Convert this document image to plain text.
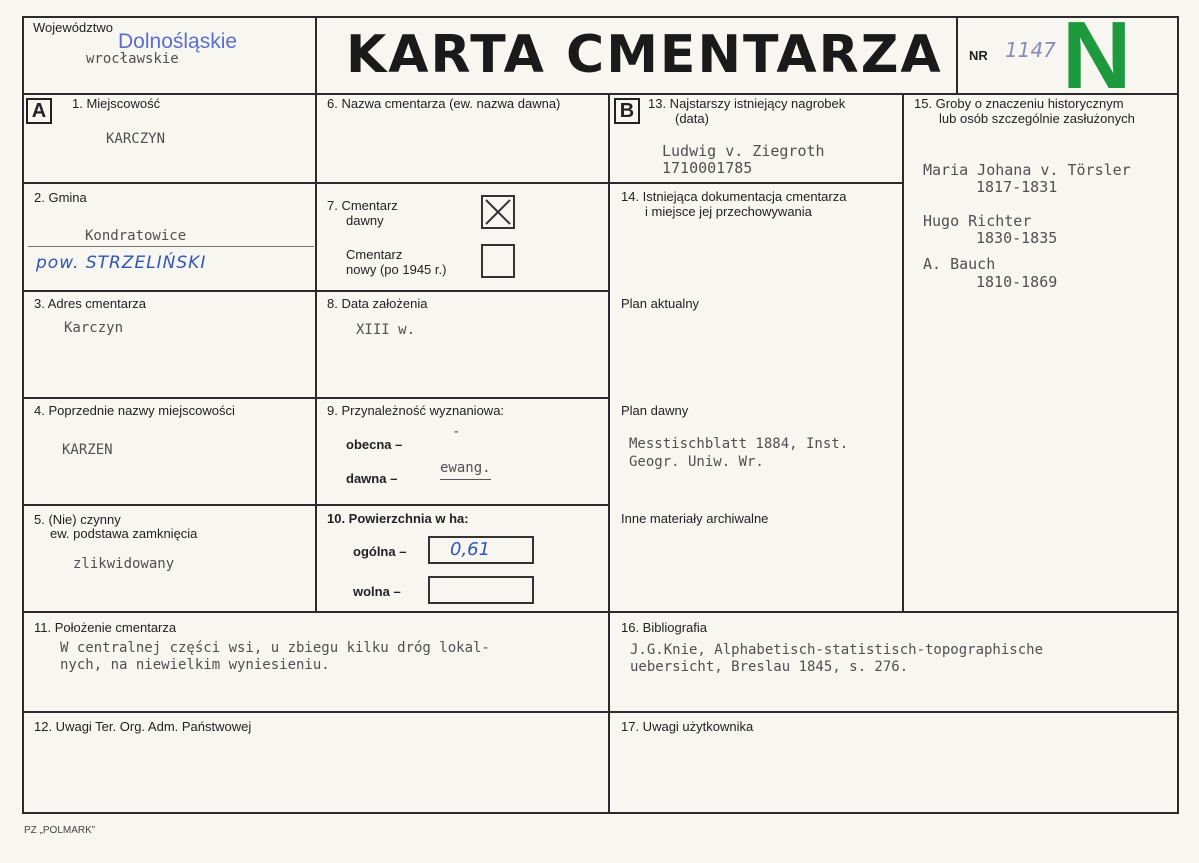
Województwo
Dolnośląskie
wrocławskie	KARTA CMENTARZA NR 1147 N
A	1. Miejscowość
KARCZYN
2. Gmina
Kondratowice
pow. STRZELIŃSKI
3. Adres cmentarza
Karczyn
4. Poprzednie nazwy miejscowości
KARZEN
5. (Nie) czynny
ew. podstawa zamknięcia
zlikwidowany
6. Nazwa cmentarza (ew. nazwa dawna)
7. Cmentarz
dawny
Cmentarz
nowy (po 1945 r.)
8. Data założenia
XIII w.
9. Przynależność wyznaniowa:
obecna –
-
dawna –
ewang.
10. Powierzchnia w ha:
ogólna – 0,61
wolna –
B	13. Najstarszy istniejący nagrobek
(data)
Ludwig v. Ziegroth
17100017​85
14. Istniejąca dokumentacja cmentarza
i miejsce jej przechowywania
Plan aktualny
Plan dawny
Messtischblatt 1884, Inst.
Geogr. Uniw. Wr.
Inne materiały archiwalne
15. Groby o znaczeniu historycznym
lub osób szczególnie zasłużonych
Maria Johana v. Törsler
1817-1831
Hugo Richter
1830-1835
A. Bauch
1810-1869
11. Położenie cmentarza
W centralnej części wsi, u zbiegu kilku dróg lokal-
nych, na niewielkim wyniesieniu.
16. Bibliografia
J.G.Knie, Alphabetisch-statistisch-topographische
uebersicht, Breslau 1845, s. 276.
12. Uwagi Ter. Org. Adm. Państwowej	17. Uwagi użytkownika
PZ „POLMARK”
